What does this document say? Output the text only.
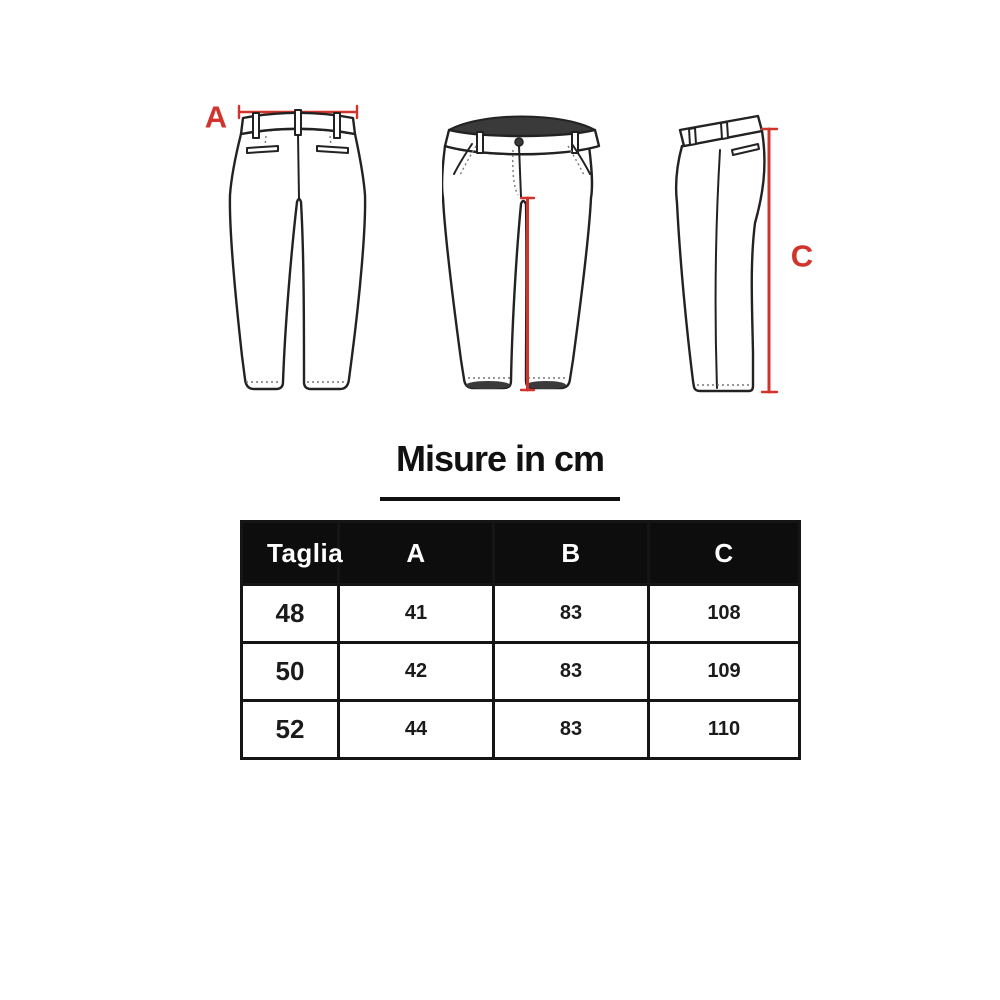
A
C
Misure in cm
Taglia	A	B	C
48	41	83	108
50	42	83	109
52	44	83	110
